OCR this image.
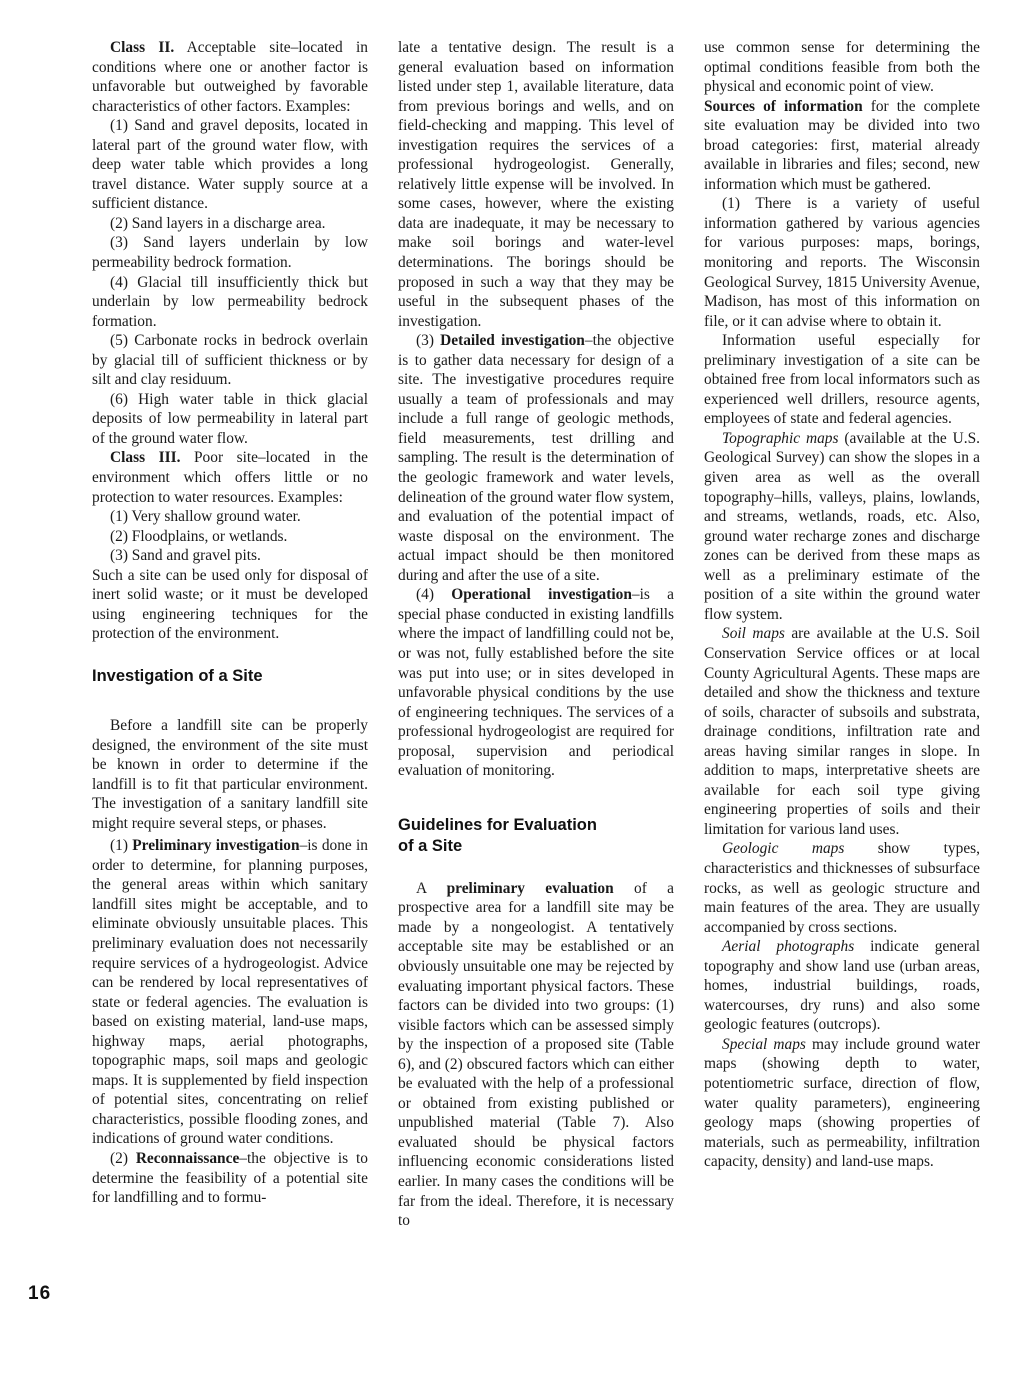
Class II. Acceptable site–located in conditions where one or another factor is unfavorable but outweighed by favorable characteristics of other factors. Examples:

(1) Sand and gravel deposits, located in lateral part of the ground water flow, with deep water table which provides a long travel distance. Water supply source at a sufficient distance.

(2) Sand layers in a discharge area.

(3) Sand layers underlain by low permeability bedrock formation.

(4) Glacial till insufficiently thick but underlain by low permeability bedrock formation.

(5) Carbonate rocks in bedrock overlain by glacial till of sufficient thickness or by silt and clay residuum.

(6) High water table in thick glacial deposits of low permeability in lateral part of the ground water flow.

Class III. Poor site–located in the environment which offers little or no protection to water resources. Examples:

(1) Very shallow ground water.

(2) Floodplains, or wetlands.

(3) Sand and gravel pits.

Such a site can be used only for disposal of inert solid waste; or it must be developed using engineering techniques for the protection of the environment.

Investigation of a Site

Before a landfill site can be properly designed, the environment of the site must be known in order to determine if the landfill is to fit that particular environment. The investigation of a sanitary landfill site might require several steps, or phases.

(1) Preliminary investigation–is done in order to determine, for planning purposes, the general areas within which sanitary landfill sites might be acceptable, and to eliminate obviously unsuitable places. This preliminary evaluation does not necessarily require services of a hydrogeologist. Advice can be rendered by local representatives of state or federal agencies. The evaluation is based on existing material, land-use maps, highway maps, aerial photographs, topographic maps, soil maps and geologic maps. It is supplemented by field inspection of potential sites, concentrating on relief characteristics, possible flooding zones, and indications of ground water conditions.

(2) Reconnaissance–the objective is to determine the feasibility of a potential site for landfilling and to formu-

late a tentative design. The result is a general evaluation based on information listed under step 1, available literature, data from previous borings and wells, and on field-checking and mapping. This level of investigation requires the services of a professional hydrogeologist. Generally, relatively little expense will be involved. In some cases, however, where the existing data are inadequate, it may be necessary to make soil borings and water-level determinations. The borings should be proposed in such a way that they may be useful in the subsequent phases of the investigation.

(3) Detailed investigation–the objective is to gather data necessary for design of a site. The investigative procedures require usually a team of professionals and may include a full range of geologic methods, field measurements, test drilling and sampling. The result is the determination of the geologic framework and water levels, delineation of the ground water flow system, and evaluation of the potential impact of waste disposal on the environment. The actual impact should be then monitored during and after the use of a site.

(4) Operational investigation–is a special phase conducted in existing landfills where the impact of landfilling could not be, or was not, fully established before the site was put into use; or in sites developed in unfavorable physical conditions by the use of engineering techniques. The services of a professional hydrogeologist are required for proposal, supervision and periodical evaluation of monitoring.

Guidelines for Evaluation
of a Site

A preliminary evaluation of a prospective area for a landfill site may be made by a nongeologist. A tentatively acceptable site may be established or an obviously unsuitable one may be rejected by evaluating important physical factors. These factors can be divided into two groups: (1) visible factors which can be assessed simply by the inspection of a proposed site (Table 6), and (2) obscured factors which can either be evaluated with the help of a professional or obtained from existing published or unpublished material (Table 7). Also evaluated should be physical factors influencing economic considerations listed earlier. In many cases the conditions will be far from the ideal. Therefore, it is necessary to

use common sense for determining the optimal conditions feasible from both the physical and economic point of view.

Sources of information for the complete site evaluation may be divided into two broad categories: first, material already available in libraries and files; second, new information which must be gathered.

(1) There is a variety of useful information gathered by various agencies for various purposes: maps, borings, monitoring and reports. The Wisconsin Geological Survey, 1815 University Avenue, Madison, has most of this information on file, or it can advise where to obtain it.

Information useful especially for preliminary investigation of a site can be obtained free from local informators such as experienced well drillers, resource agents, employees of state and federal agencies.

Topographic maps (available at the U.S. Geological Survey) can show the slopes in a given area as well as the overall topography–hills, valleys, plains, lowlands, and streams, wetlands, roads, etc. Also, ground water recharge zones and discharge zones can be derived from these maps as well as a preliminary estimate of the position of a site within the ground water flow system.

Soil maps are available at the U.S. Soil Conservation Service offices or at local County Agricultural Agents. These maps are detailed and show the thickness and texture of soils, character of subsoils and substrata, drainage conditions, infiltration rate and areas having similar ranges in slope. In addition to maps, interpretative sheets are available for each soil type giving engineering properties of soils and their limitation for various land uses.

Geologic maps show types, characteristics and thicknesses of subsurface rocks, as well as geologic structure and main features of the area. They are usually accompanied by cross sections.

Aerial photographs indicate general topography and show land use (urban areas, homes, industrial buildings, roads, watercourses, dry runs) and also some geologic features (outcrops).

Special maps may include ground water maps (showing depth to water, potentiometric surface, direction of flow, water quality parameters), engineering geology maps (showing properties of materials, such as permeability, infiltration capacity, density) and land-use maps.

16
